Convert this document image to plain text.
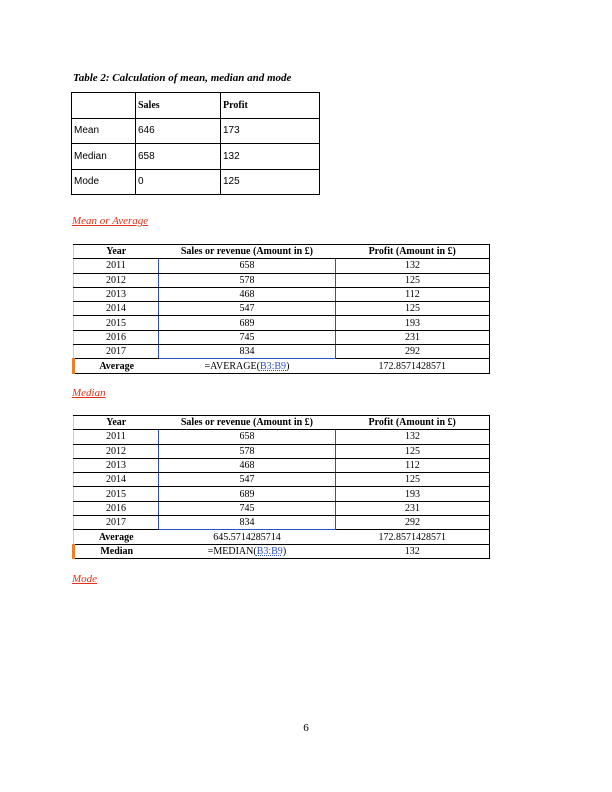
Table 2: Calculation of mean, median and mode
	Sales	Profit
Mean	646	173
Median	658	132
Mode	0	125
Mean or Average
Year	Sales or revenue (Amount in £)	Profit (Amount in £)
2011	658	132
2012	578	125
2013	468	112
2014	547	125
2015	689	193
2016	745	231
2017	834	292
Average	=AVERAGE(B3:B9)	172.8571428571
Median
Year	Sales or revenue (Amount in £)	Profit (Amount in £)
2011	658	132
2012	578	125
2013	468	112
2014	547	125
2015	689	193
2016	745	231
2017	834	292
Average	645.5714285714	172.8571428571
Median	=MEDIAN(B3:B9)	132
Mode
6
